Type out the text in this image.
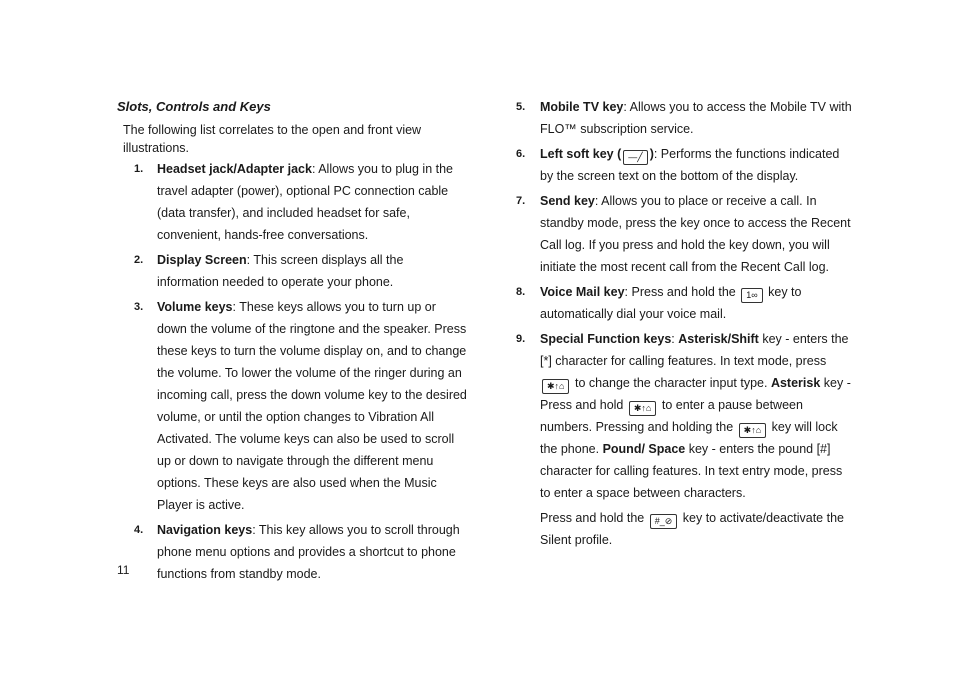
Slots, Controls and Keys
The following list correlates to the open and front view illustrations.
1. Headset jack/Adapter jack: Allows you to plug in the travel adapter (power), optional PC connection cable (data transfer), and included headset for safe, convenient, hands-free conversations.
2. Display Screen: This screen displays all the information needed to operate your phone.
3. Volume keys: These keys allows you to turn up or down the volume of the ringtone and the speaker. Press these keys to turn the volume display on, and to change the volume. To lower the volume of the ringer during an incoming call, press the down volume key to the desired volume, or until the option changes to Vibration All Activated. The volume keys can also be used to scroll up or down to navigate through the different menu options. These keys are also used when the Music Player is active.
4. Navigation keys: This key allows you to scroll through phone menu options and provides a shortcut to phone functions from standby mode.
5. Mobile TV key: Allows you to access the Mobile TV with FLO™ subscription service.
6. Left soft key ( —╱ ): Performs the functions indicated by the screen text on the bottom of the display.
7. Send key: Allows you to place or receive a call. In standby mode, press the key once to access the Recent Call log. If you press and hold the key down, you will initiate the most recent call from the Recent Call log.
8. Voice Mail key: Press and hold the 1∞ key to automatically dial your voice mail.
9. Special Function keys: Asterisk/Shift key - enters the [*] character for calling features. In text mode, press ✱↑⌂ to change the character input type. Asterisk key -Press and hold ✱↑⌂ to enter a pause between numbers. Pressing and holding the ✱↑⌂ key will lock the phone. Pound/ Space key - enters the pound [#] character for calling features. In text entry mode, press to enter a space between characters.
Press and hold the #_⊘ key to activate/deactivate the Silent profile.
11
